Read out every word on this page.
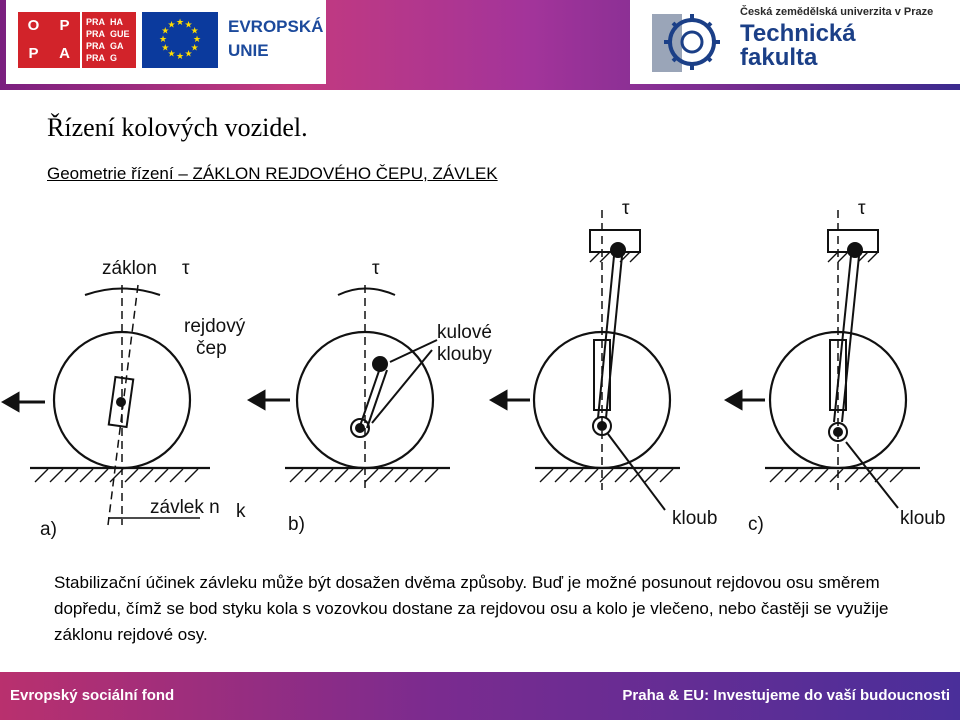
O	P
P	A
PRA HA
PRA GUE
PRA GA
PRA G
★ ★
★
★
★
★
★
★
★
★
★
★	EVROPSKÁ
UNIE
Česká zemědělská univerzita v Praze
Technická
fakulta
Řízení kolových vozidel.
Geometrie řízení – ZÁKLON REJDOVÉHO ČEPU, ZÁVLEK
záklon τ	τ
τ	τ
rejdový
čep
kulové
klouby
závlek n k
a)	b)	c)
kloub	kloub
Stabilizační účinek závleku může být dosažen dvěma způsoby. Buď je možné posunout rejdovou osu směrem dopředu, čímž se bod styku kola s vozovkou dostane za rejdovou osu a kolo je vlečeno, nebo častěji se využije záklonu rejdové osy.
Evropský sociální fond	Praha & EU: Investujeme do vaší budoucnosti
